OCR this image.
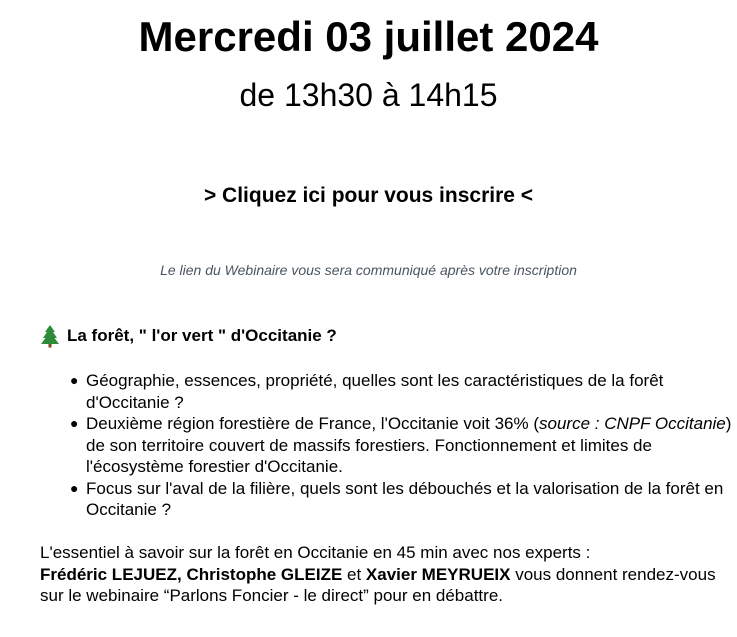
Mercredi 03 juillet 2024
de 13h30 à 14h15
> Cliquez ici pour vous inscrire <
Le lien du Webinaire vous sera communiqué après votre inscription
La forêt, " l'or vert " d'Occitanie ?
● Géographie, essences, propriété, quelles sont les caractéristiques de la forêt d'Occitanie ?
● Deuxième région forestière de France, l'Occitanie voit 36% (source : CNPF Occitanie) de son territoire couvert de massifs forestiers. Fonctionnement et limites de l'écosystème forestier d'Occitanie.
● Focus sur l'aval de la filière, quels sont les débouchés et la valorisation de la forêt en Occitanie ?
L'essentiel à savoir sur la forêt en Occitanie en 45 min avec nos experts :
Frédéric LEJUEZ, Christophe GLEIZE et Xavier MEYRUEIX vous donnent rendez-vous sur le webinaire “Parlons Foncier - le direct” pour en débattre.
